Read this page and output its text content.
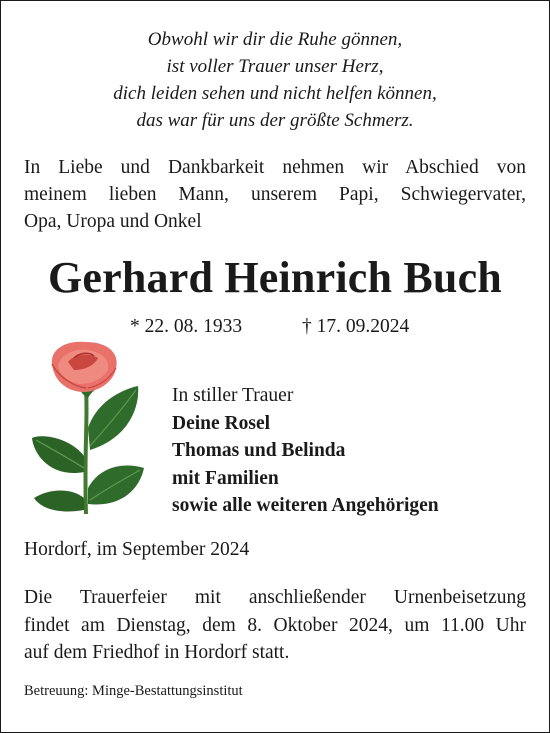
Obwohl wir dir die Ruhe gönnen,
ist voller Trauer unser Herz,
dich leiden sehen und nicht helfen können,
das war für uns der größte Schmerz.
In Liebe und Dankbarkeit nehmen wir Abschied von
meinem lieben Mann, unserem Papi, Schwiegervater,
Opa, Uropa und Onkel
Gerhard Heinrich Buch
* 22. 08. 1933	† 17. 09.2024
In stiller Trauer
Deine Rosel
Thomas und Belinda
mit Familien
sowie alle weiteren Angehörigen
Hordorf, im September 2024
Die Trauerfeier mit anschließender Urnenbeisetzung
findet am Dienstag, dem 8. Oktober 2024, um 11.00 Uhr
auf dem Friedhof in Hordorf statt.
Betreuung: Minge-Bestattungsinstitut
